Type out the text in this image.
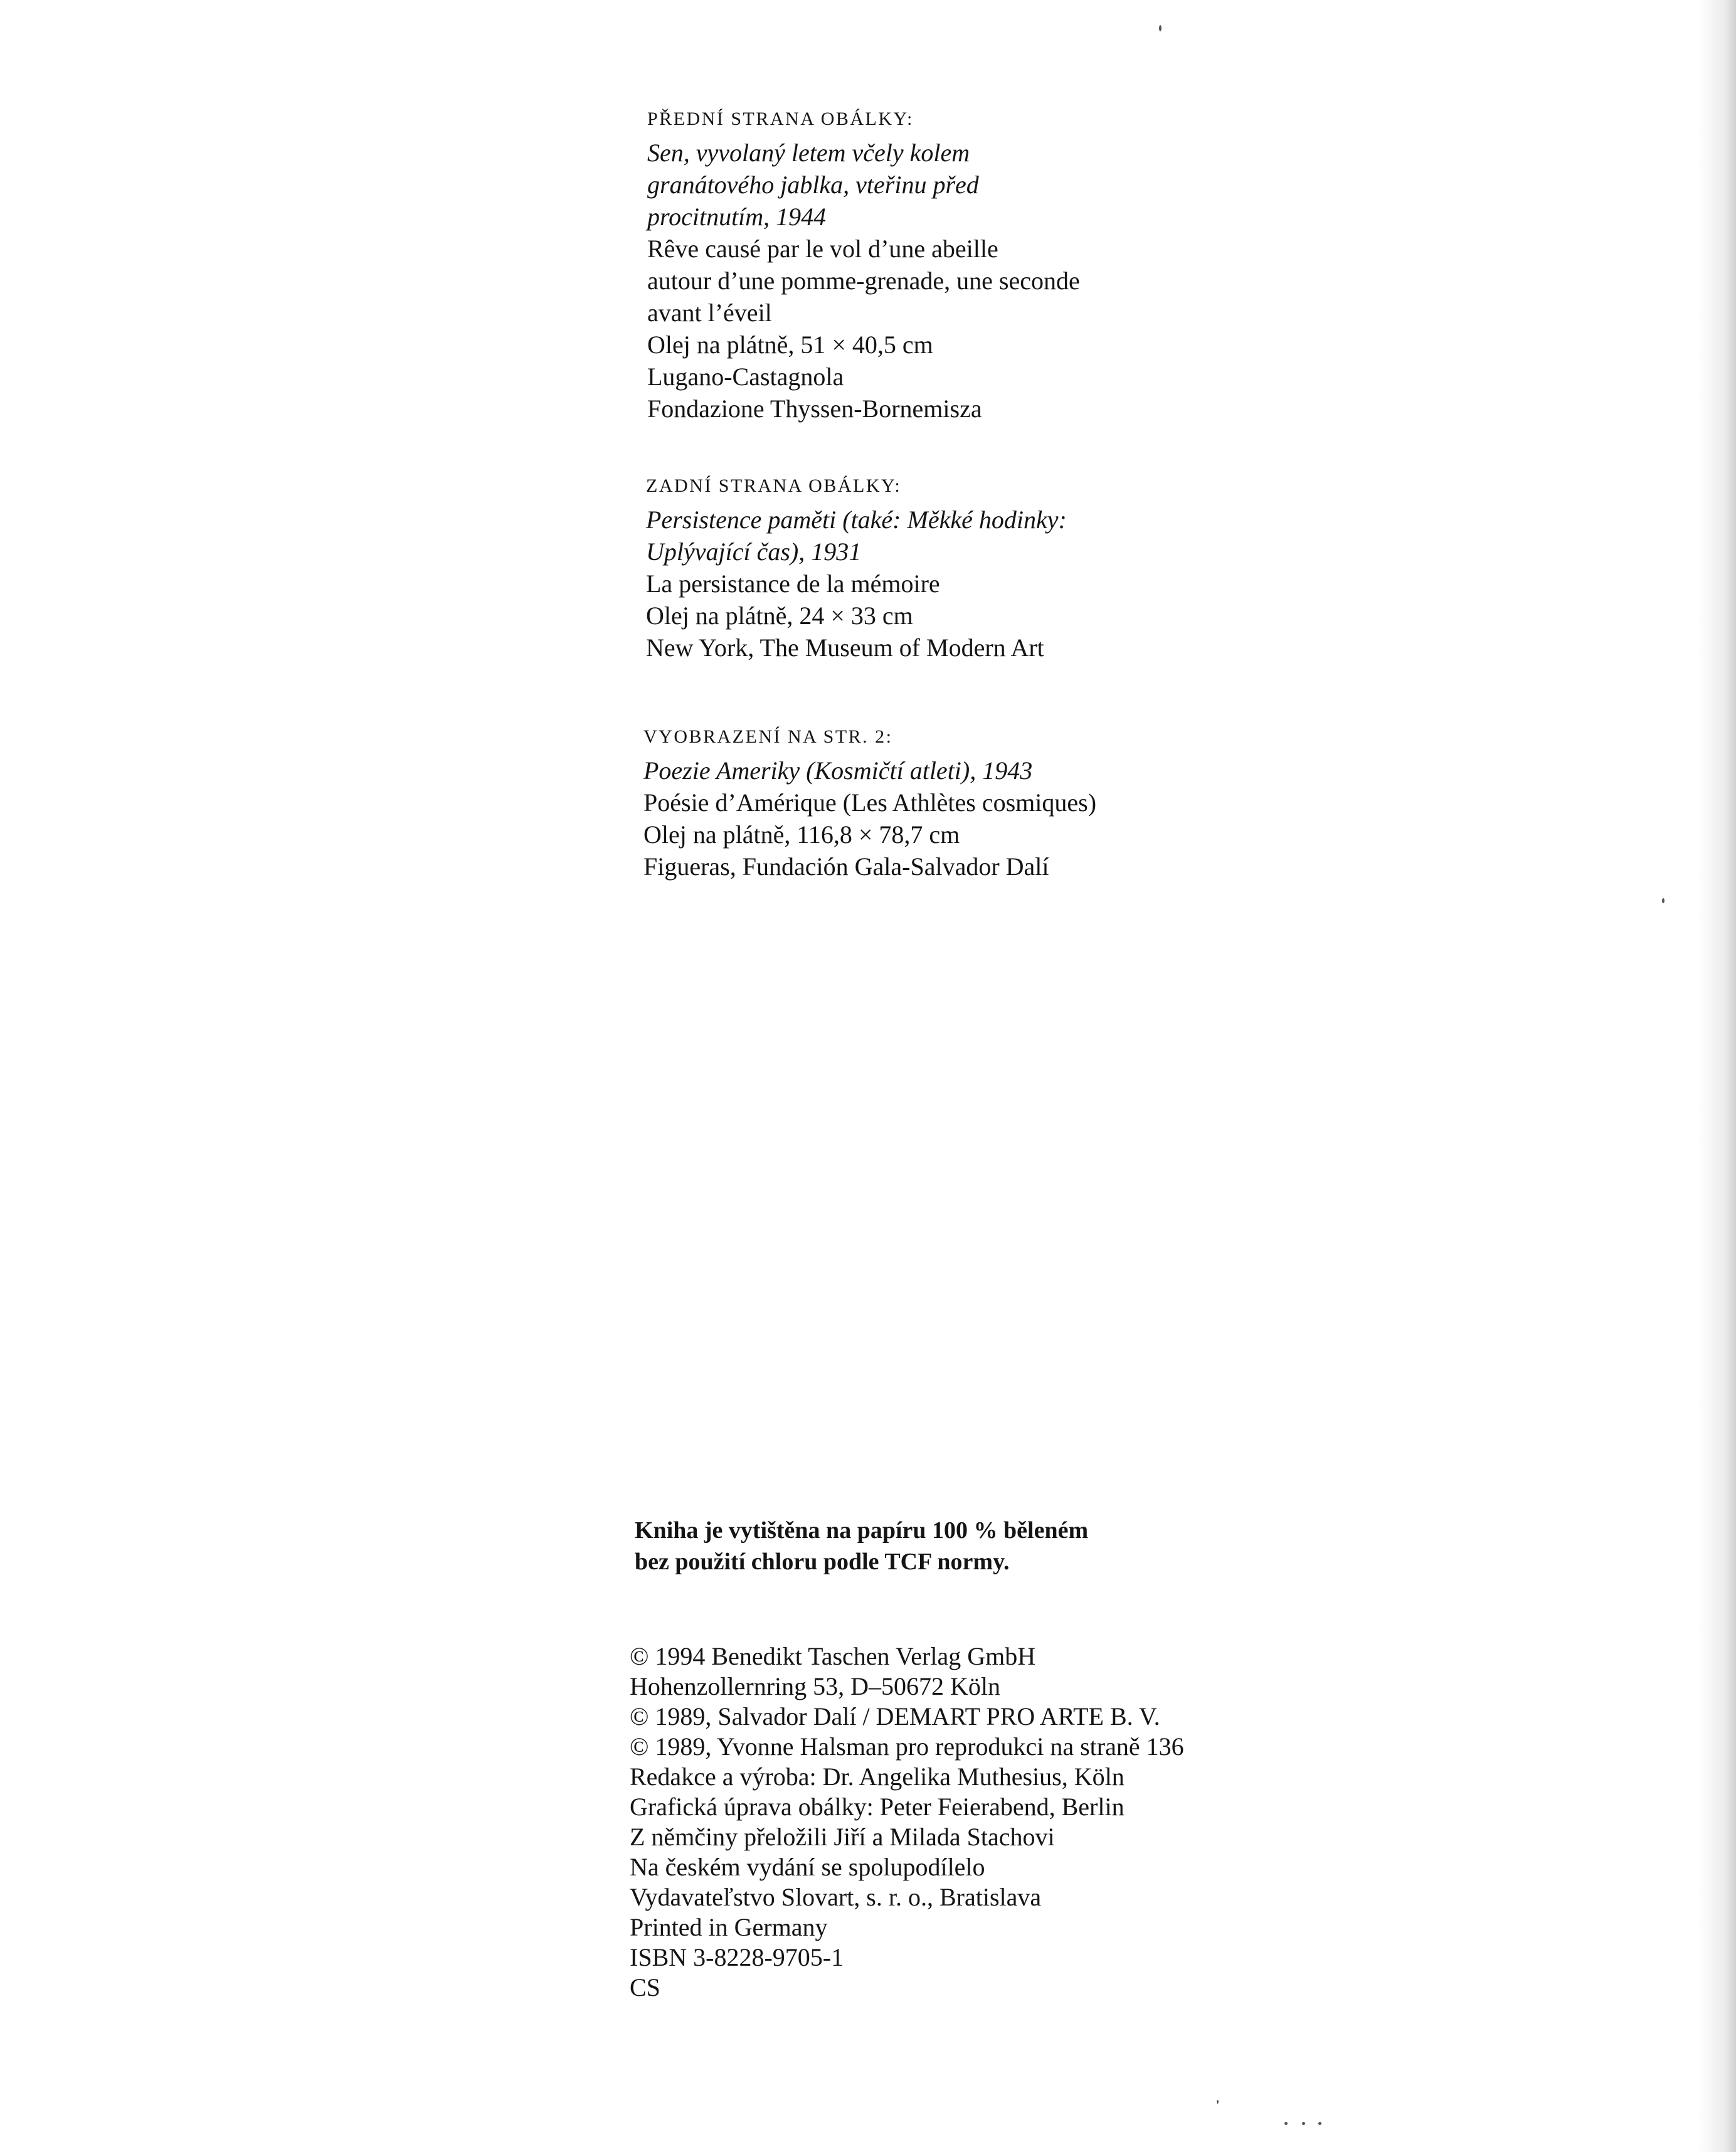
PŘEDNÍ STRANA OBÁLKY:
Sen, vyvolaný letem včely kolem
granátového jablka, vteřinu před
procitnutím, 1944
Rêve causé par le vol d’une abeille
autour d’une pomme-grenade, une seconde
avant l’éveil
Olej na plátně, 51 × 40,5 cm
Lugano-Castagnola
Fondazione Thyssen-Bornemisza
ZADNÍ STRANA OBÁLKY:
Persistence paměti (také: Měkké hodinky:
Uplývající čas), 1931
La persistance de la mémoire
Olej na plátně, 24 × 33 cm
New York, The Museum of Modern Art
VYOBRAZENÍ NA STR. 2:
Poezie Ameriky (Kosmičtí atleti), 1943
Poésie d’Amérique (Les Athlètes cosmiques)
Olej na plátně, 116,8 × 78,7 cm
Figueras, Fundación Gala-Salvador Dalí
Kniha je vytištěna na papíru 100 % běleném
bez použití chloru podle TCF normy.
© 1994 Benedikt Taschen Verlag GmbH
Hohenzollernring 53, D–50672 Köln
© 1989, Salvador Dalí / DEMART PRO ARTE B. V.
© 1989, Yvonne Halsman pro reprodukci na straně 136
Redakce a výroba: Dr. Angelika Muthesius, Köln
Grafická úprava obálky: Peter Feierabend, Berlin
Z němčiny přeložili Jiří a Milada Stachovi
Na českém vydání se spolupodílelo
Vydavateľstvo Slovart, s. r. o., Bratislava
Printed in Germany
ISBN 3-8228-9705-1
CS
